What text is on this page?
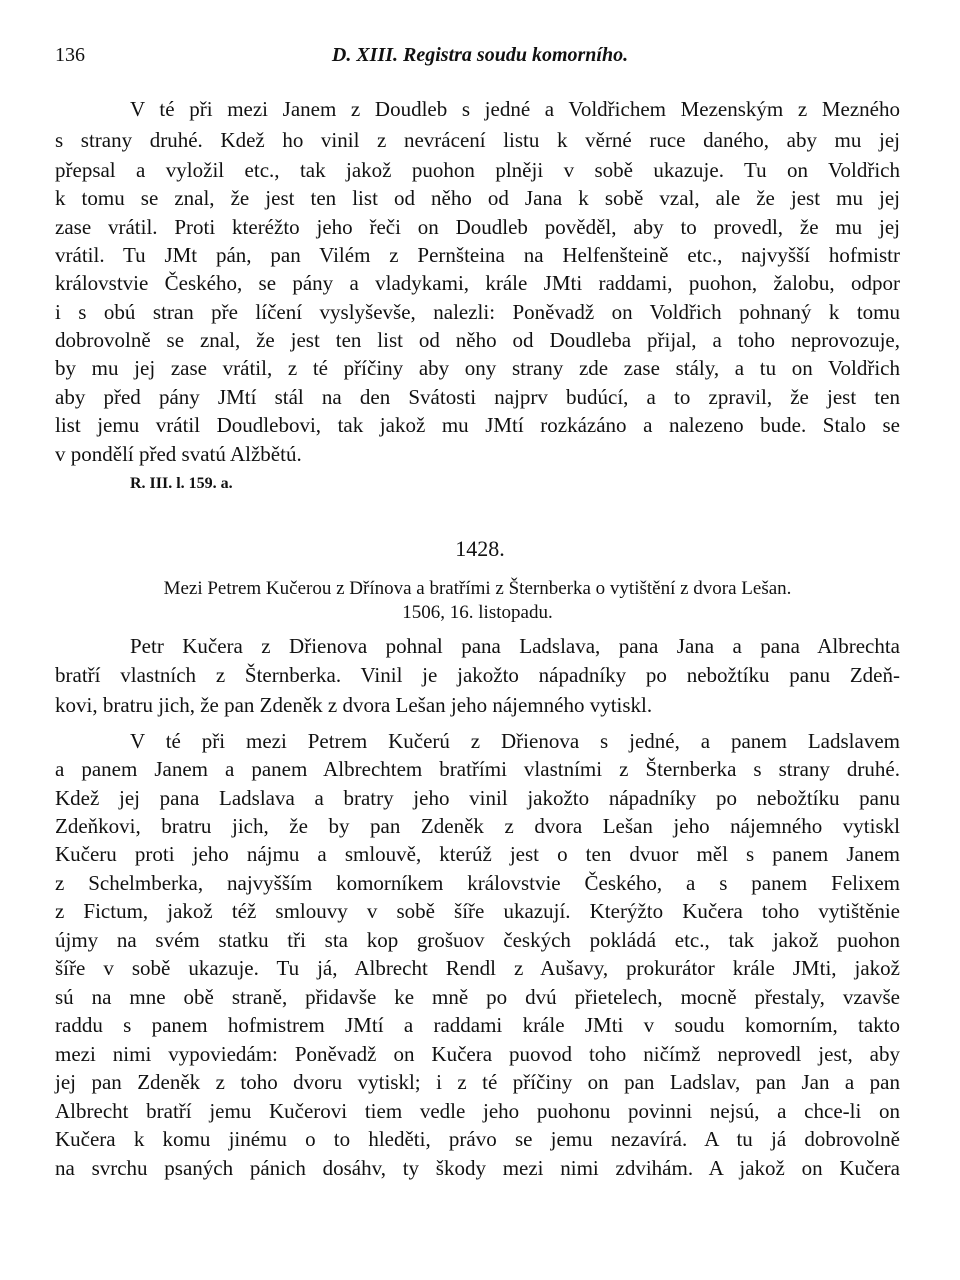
136	D. XIII. Registra soudu komorního.
V té při mezi Janem z Doudleb s jedné a Voldřichem Mezenským z Mezného
s strany druhé. Kdež ho vinil z nevrácení listu k věrné ruce daného, aby mu jej
přepsal a vyložil etc., tak jakož puohon plněji v sobě ukazuje. Tu on Voldřich
k tomu se znal, že jest ten list od něho od Jana k sobě vzal, ale že jest mu jej
zase vrátil. Proti kteréžto jeho řeči on Doudleb pověděl, aby to provedl, že mu jej
vrátil. Tu JMt pán, pan Vilém z Pernšteina na Helfenšteině etc., najvyšší hofmistr
královstvie Českého, se pány a vladykami, krále JMti raddami, puohon, žalobu, odpor
i s obú stran pře líčení vyslyševše, nalezli: Poněvadž on Voldřich pohnaný k tomu
dobrovolně se znal, že jest ten list od něho od Doudleba přijal, a toho neprovozuje,
by mu jej zase vrátil, z té příčiny aby ony strany zde zase stály, a tu on Voldřich
aby před pány JMtí stál na den Svátosti najprv budúcí, a to zpravil, že jest ten
list jemu vrátil Doudlebovi, tak jakož mu JMtí rozkázáno a nalezeno bude. Stalo se
v pondělí před svatú Alžbětú.
R. III. l. 159. a.
1428.
Mezi Petrem Kučerou z Dřínova a bratřími z Šternberka o vytištění z dvora Lešan.
1506, 16. listopadu.
Petr Kučera z Dřienova pohnal pana Ladslava, pana Jana a pana Albrechta
bratří vlastních z Šternberka. Vinil je jakožto nápadníky po nebožtíku panu Zdeň-
kovi, bratru jich, že pan Zdeněk z dvora Lešan jeho nájemného vytiskl.
V té při mezi Petrem Kučerú z Dřienova s jedné, a panem Ladslavem
a panem Janem a panem Albrechtem bratřími vlastními z Šternberka s strany druhé.
Kdež jej pana Ladslava a bratry jeho vinil jakožto nápadníky po nebožtíku panu
Zdeňkovi, bratru jich, že by pan Zdeněk z dvora Lešan jeho nájemného vytiskl
Kučeru proti jeho nájmu a smlouvě, kterúž jest o ten dvuor měl s panem Janem
z Schelmberka, najvyšším komorníkem královstvie Českého, a s panem Felixem
z Fictum, jakož též smlouvy v sobě šíře ukazují. Kterýžto Kučera toho vytištěnie
újmy na svém statku tři sta kop grošuov českých pokládá etc., tak jakož puohon
šíře v sobě ukazuje. Tu já, Albrecht Rendl z Aušavy, prokurátor krále JMti, jakož
sú na mne obě straně, přidavše ke mně po dvú přietelech, mocně přestaly, vzavše
raddu s panem hofmistrem JMtí a raddami krále JMti v soudu komorním, takto
mezi nimi vypoviedám: Poněvadž on Kučera puovod toho ničímž neprovedl jest, aby
jej pan Zdeněk z toho dvoru vytiskl; i z té příčiny on pan Ladslav, pan Jan a pan
Albrecht bratří jemu Kučerovi tiem vedle jeho puohonu povinni nejsú, a chce-li on
Kučera k komu jinému o to hleděti, právo se jemu nezavírá. A tu já dobrovolně
na svrchu psaných pánich dosáhv, ty škody mezi nimi zdvihám. A jakož on Kučera
